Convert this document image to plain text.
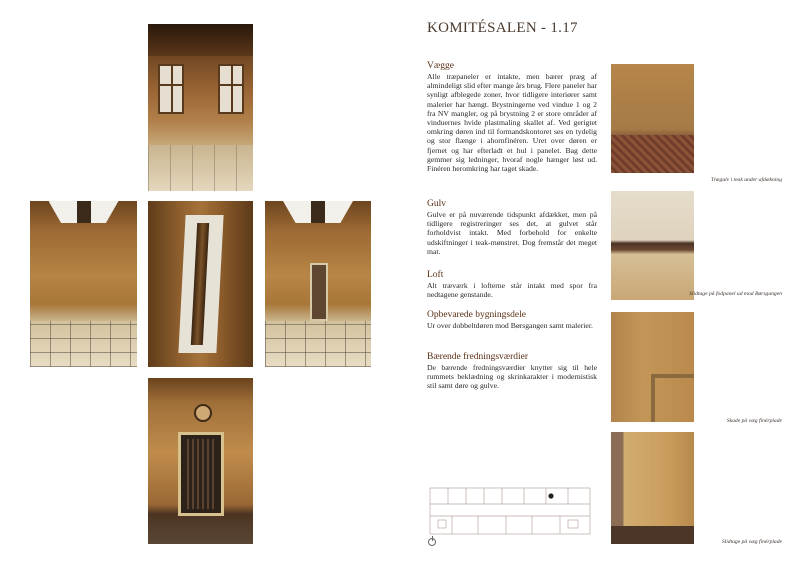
KOMITÉSALEN - 1.17
Vægge

Alle træpaneler er intakte, men bærer præg af almindeligt slid efter mange års brug. Flere paneler har synligt afblegede zoner, hvor tidligere interiører samt malerier har hængt. Brystningerne ved vindue 1 og 2 fra NV mangler, og på brystning 2 er store områder af vinduernes hvide plastmaling skallet af. Ved gerigtet omkring døren ind til formandskontoret ses en tydelig og stor flænge i ahornfinéren. Uret over døren er fjernet og har efterladt et hul i panelet. Bag dette gemmer sig ledninger, hvoraf nogle hænger løst ud. Finéren heromkring har taget skade.

Gulv

Gulve er på nuværende tidspunkt afdækket, men på tidligere registreringer ses det, at gulvet står forholdvist intakt. Med forbehold for enkelte udskiftninger i teak-mønstret. Dog fremstår det meget mat.

Loft

Alt træværk i lofterne står intakt med spor fra nedtagene genstande.

Opbevarede bygningsdele

Ur over dobbeltdøren mod Børsgangen samt malerier.

Bærende fredningsværdier

De bærende fredningsværdier knytter sig til hele rummets beklædning og skrinkarakter i modernistisk stil samt døre og gulve.

Trægulv i teak under afdækning
Slidtage på fodpanel ud mod Børsgangen
Skade på væg finérplade
Slidtage på væg finérplade
